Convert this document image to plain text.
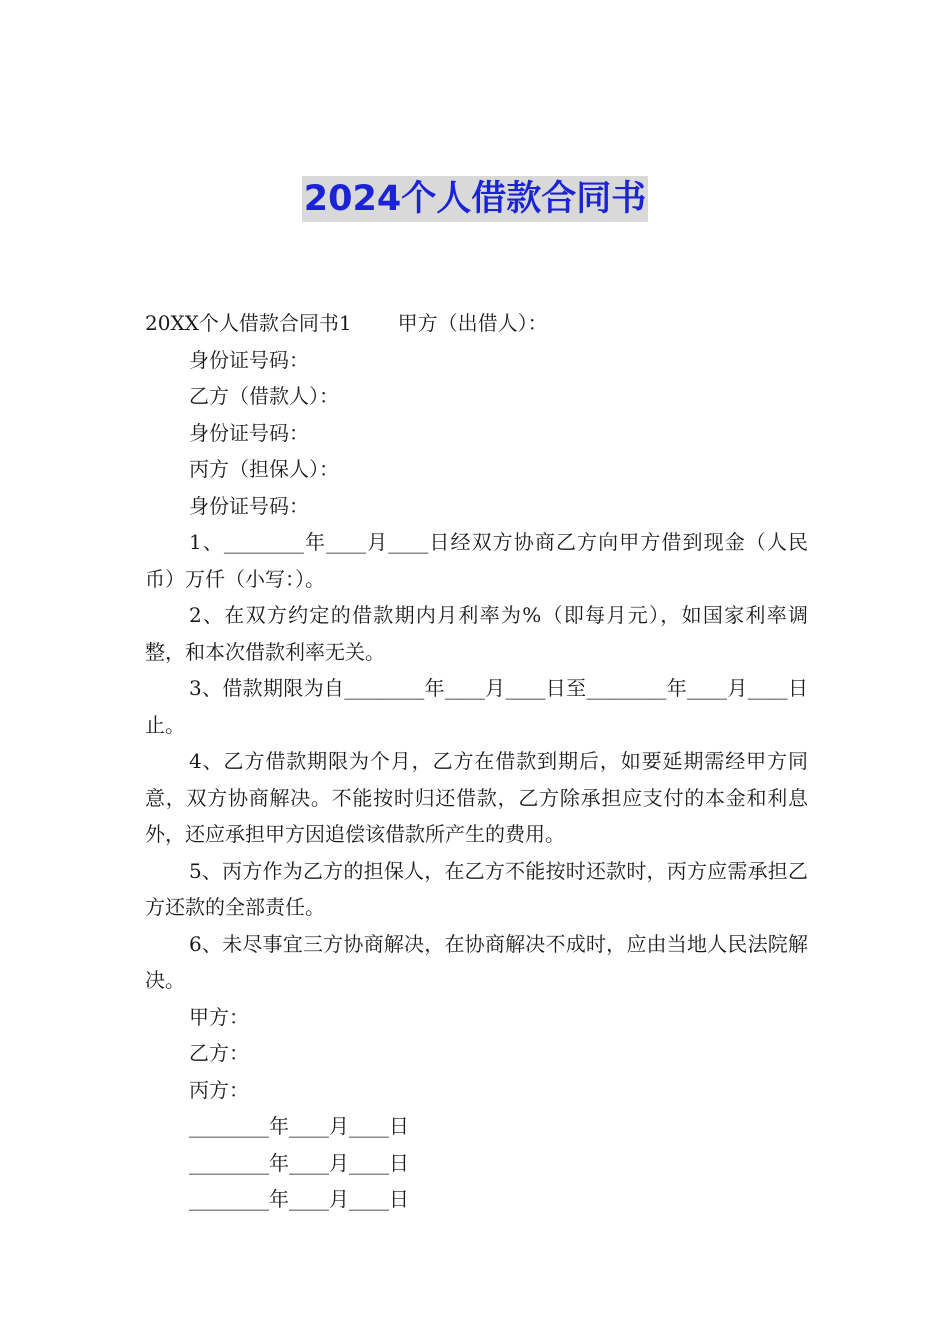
2024个人借款合同书

20XX个人借款合同书1 甲方（出借人）：

身份证号码：

乙方（借款人）：

身份证号码：

丙方（担保人）：

身份证号码：

1、________年____月____日经双方协商乙方向甲方借到现金（人民币）万仟（小写：）。

2、在双方约定的借款期内月利率为%（即每月元），如国家利率调整，和本次借款利率无关。

3、借款期限为自________年____月____日至________年____月____日止。

4、乙方借款期限为个月，乙方在借款到期后，如要延期需经甲方同意，双方协商解决。不能按时归还借款，乙方除承担应支付的本金和利息外，还应承担甲方因追偿该借款所产生的费用。

5、丙方作为乙方的担保人，在乙方不能按时还款时，丙方应需承担乙方还款的全部责任。

6、未尽事宜三方协商解决，在协商解决不成时，应由当地人民法院解决。

甲方：

乙方：

丙方：

________年____月____日

________年____月____日

________年____月____日
